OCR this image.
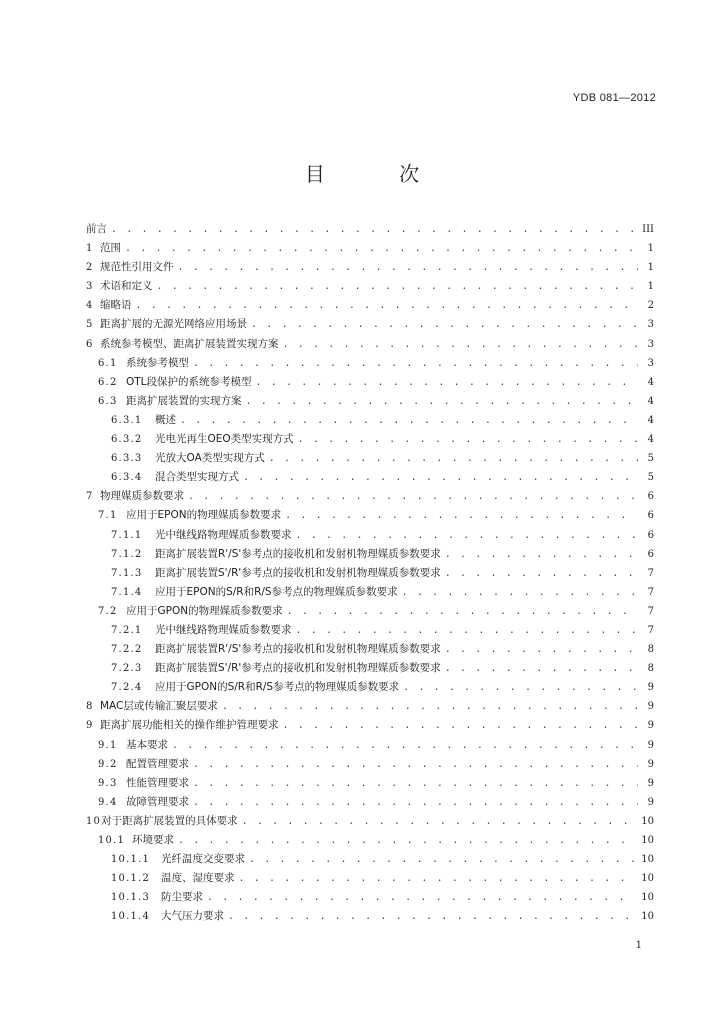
YDB 081—2012
目 次
前言 . . .	III
1 范围 . . .	1
2 规范性引用文件 . . .	1
3 术语和定义 . . .	1
4 缩略语 . . .	2
5 距离扩展的无源光网络应用场景 . . .	3
6 系统参考模型、距离扩展装置实现方案 . . .	3
6.1 系统参考模型 . . .	3
6.2 OTL段保护的系统参考模型 . . .	4
6.3 距离扩展装置的实现方案 . . .	4
6.3.1	概述 . . .	4
6.3.2	光电光再生OEO类型实现方式 . . .	4
6.3.3	光放大OA类型实现方式 . . .	5
6.3.4	混合类型实现方式 . . .	5
7 物理媒质参数要求 . . .	6
7.1 应用于EPON的物理媒质参数要求 . . .	6
7.1.1	光中继线路物理媒质参数要求 . . .	6
7.1.2	距离扩展装置R'/S'参考点的接收机和发射机物理媒质参数要求 . . .	6
7.1.3	距离扩展装置S'/R'参考点的接收机和发射机物理媒质参数要求 . . .	7
7.1.4	应用于EPON的S/R和R/S参考点的物理媒质参数要求 . . .	7
7.2 应用于GPON的物理媒质参数要求 . . .	7
7.2.1	光中继线路物理媒质参数要求 . . .	7
7.2.2	距离扩展装置R'/S'参考点的接收机和发射机物理媒质参数要求 . . .	8
7.2.3	距离扩展装置S'/R'参考点的接收机和发射机物理媒质参数要求 . . .	8
7.2.4	应用于GPON的S/R和R/S参考点的物理媒质参数要求 . . .	9
8 MAC层或传输汇聚层要求 . . .	9
9 距离扩展功能相关的操作维护管理要求 . . .	9
9.1 基本要求 . . .	9
9.2 配置管理要求 . . .	9
9.3 性能管理要求 . . .	9
9.4 故障管理要求 . . .	9
10 对于距离扩展装置的具体要求 . . .	10
10.1 环境要求 . . .	10
10.1.1	光纤温度交变要求 . . .	10
10.1.2	温度、湿度要求 . . .	10
10.1.3	防尘要求 . . .	10
10.1.4	大气压力要求 . . .	10
1
